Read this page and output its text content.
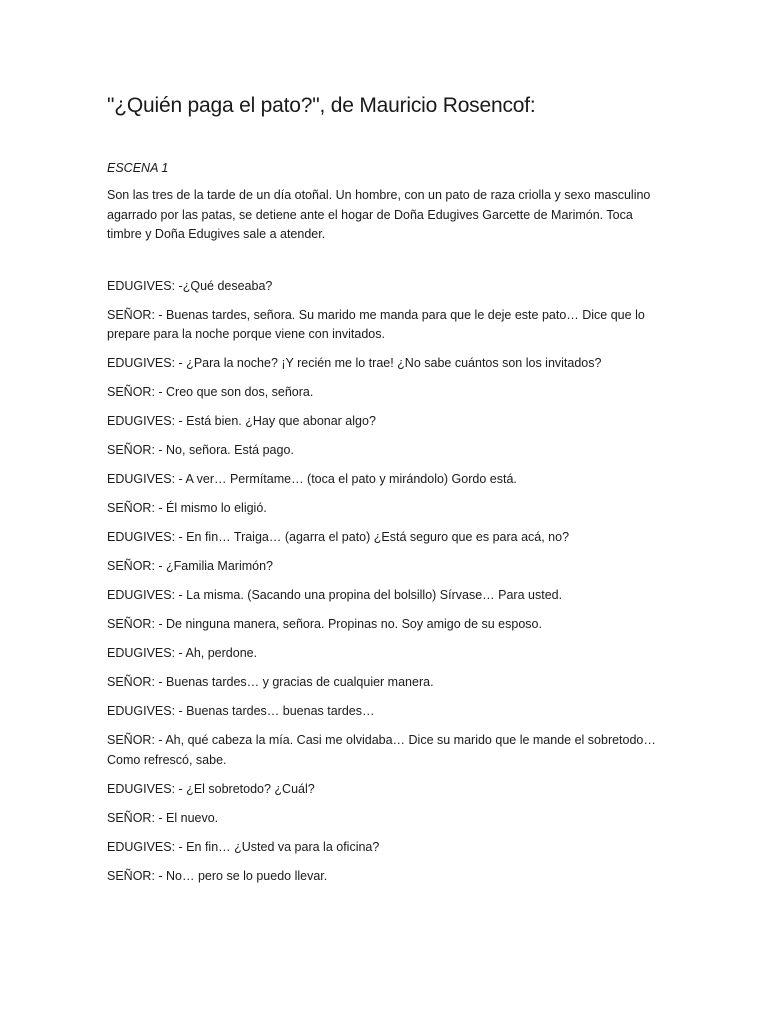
"¿Quién paga el pato?", de Mauricio Rosencof:
ESCENA 1

Son las tres de la tarde de un día otoñal. Un hombre, con un pato de raza criolla y sexo masculino agarrado por las patas, se detiene ante el hogar de Doña Edugives Garcette de Marimón. Toca timbre y Doña Edugives sale a atender.

EDUGIVES: -¿Qué deseaba?

SEÑOR: - Buenas tardes, señora. Su marido me manda para que le deje este pato… Dice que lo prepare para la noche porque viene con invitados.

EDUGIVES: - ¿Para la noche? ¡Y recién me lo trae! ¿No sabe cuántos son los invitados?

SEÑOR: - Creo que son dos, señora.

EDUGIVES: - Está bien. ¿Hay que abonar algo?

SEÑOR: - No, señora. Está pago.

EDUGIVES: - A ver… Permítame… (toca el pato y mirándolo) Gordo está.

SEÑOR: - Él mismo lo eligió.

EDUGIVES: - En fin… Traiga… (agarra el pato) ¿Está seguro que es para acá, no?

SEÑOR: - ¿Familia Marimón?

EDUGIVES: - La misma. (Sacando una propina del bolsillo) Sírvase… Para usted.

SEÑOR: - De ninguna manera, señora. Propinas no. Soy amigo de su esposo.

EDUGIVES: - Ah, perdone.

SEÑOR: - Buenas tardes… y gracias de cualquier manera.

EDUGIVES: - Buenas tardes… buenas tardes…

SEÑOR: - Ah, qué cabeza la mía. Casi me olvidaba… Dice su marido que le mande el sobretodo… Como refrescó, sabe.

EDUGIVES: - ¿El sobretodo? ¿Cuál?

SEÑOR: - El nuevo.

EDUGIVES: - En fin… ¿Usted va para la oficina?

SEÑOR: - No… pero se lo puedo llevar.
